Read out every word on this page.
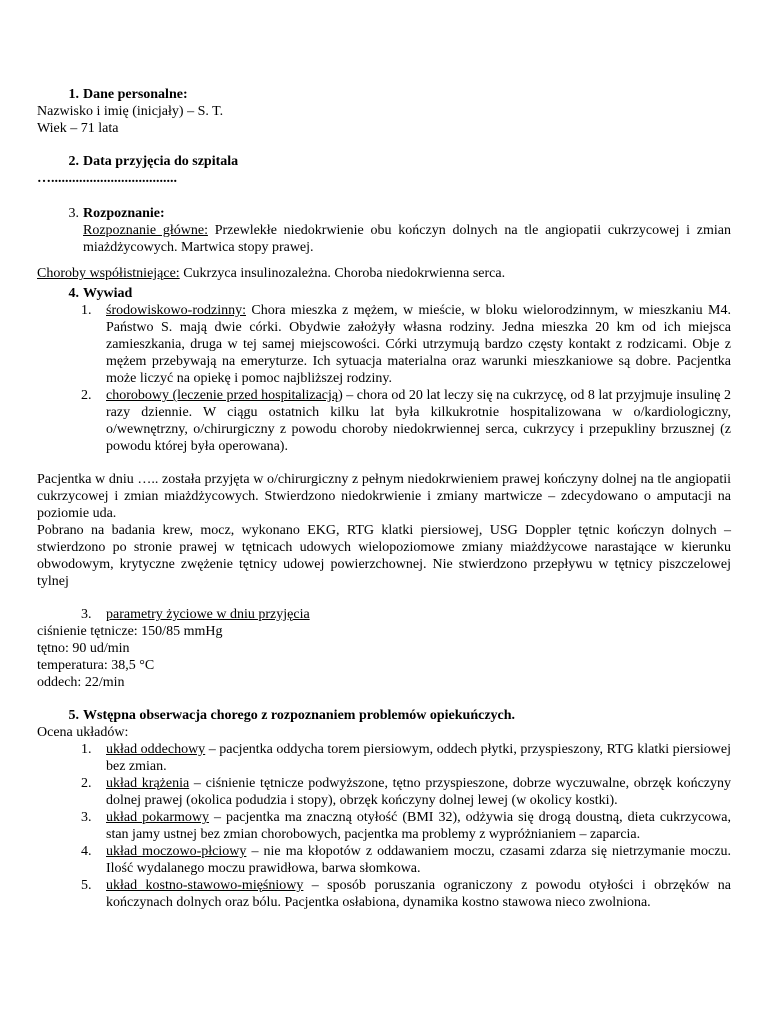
1. Dane personalne:

Nazwisko i imię (inicjały) – S. T.

Wiek – 71 lata

2. Data przyjęcia do szpitala

…....................................

3. Rozpoznanie:

Rozpoznanie główne: Przewlekłe niedokrwienie obu kończyn dolnych na tle angiopatii cukrzycowej i zmian miażdżycowych. Martwica stopy prawej.

Choroby współistniejące: Cukrzyca insulinozależna. Choroba niedokrwienna serca.

4. Wywiad

1. środowiskowo-rodzinny: Chora mieszka z mężem, w mieście, w bloku wielorodzinnym, w mieszkaniu M4. Państwo S. mają dwie córki. Obydwie założyły własna rodziny. Jedna mieszka 20 km od ich miejsca zamieszkania, druga w tej samej miejscowości. Córki utrzymują bardzo częsty kontakt z rodzicami. Obje z mężem przebywają na emeryturze. Ich sytuacja materialna oraz warunki mieszkaniowe są dobre. Pacjentka może liczyć na opiekę i pomoc najbliższej rodziny.

2. chorobowy (leczenie przed hospitalizacją) – chora od 20 lat leczy się na cukrzycę, od 8 lat przyjmuje insulinę 2 razy dziennie. W ciągu ostatnich kilku lat była kilkukrotnie hospitalizowana w o/kardiologiczny, o/wewnętrzny, o/chirurgiczny z powodu choroby niedokrwiennej serca, cukrzycy i przepukliny brzusznej (z powodu której była operowana).

Pacjentka w dniu ….. została przyjęta w o/chirurgiczny z pełnym niedokrwieniem prawej kończyny dolnej na tle angiopatii cukrzycowej i zmian miażdżycowych. Stwierdzono niedokrwienie i zmiany martwicze – zdecydowano o amputacji na poziomie uda.

Pobrano na badania krew, mocz, wykonano EKG, RTG klatki piersiowej, USG Doppler tętnic kończyn dolnych – stwierdzono po stronie prawej w tętnicach udowych wielopoziomowe zmiany miażdżycowe narastające w kierunku obwodowym, krytyczne zwężenie tętnicy udowej powierzchownej. Nie stwierdzono przepływu w tętnicy piszczelowej tylnej

3. parametry życiowe w dniu przyjęcia

ciśnienie tętnicze: 150/85 mmHg

tętno: 90 ud/min

temperatura: 38,5 °C

oddech: 22/min

5. Wstępna obserwacja chorego z rozpoznaniem problemów opiekuńczych.

Ocena układów:

1. układ oddechowy – pacjentka oddycha torem piersiowym, oddech płytki, przyspieszony, RTG klatki piersiowej bez zmian.

2. układ krążenia – ciśnienie tętnicze podwyższone, tętno przyspieszone, dobrze wyczuwalne, obrzęk kończyny dolnej prawej (okolica podudzia i stopy), obrzęk kończyny dolnej lewej (w okolicy kostki).

3. układ pokarmowy – pacjentka ma znaczną otyłość (BMI 32), odżywia się drogą doustną, dieta cukrzycowa, stan jamy ustnej bez zmian chorobowych, pacjentka ma problemy z wypróżnianiem – zaparcia.

4. układ moczowo-płciowy – nie ma kłopotów z oddawaniem moczu, czasami zdarza się nietrzymanie moczu. Ilość wydalanego moczu prawidłowa, barwa słomkowa.

5. układ kostno-stawowo-mięśniowy – sposób poruszania ograniczony z powodu otyłości i obrzęków na kończynach dolnych oraz bólu. Pacjentka osłabiona, dynamika kostno stawowa nieco zwolniona.
